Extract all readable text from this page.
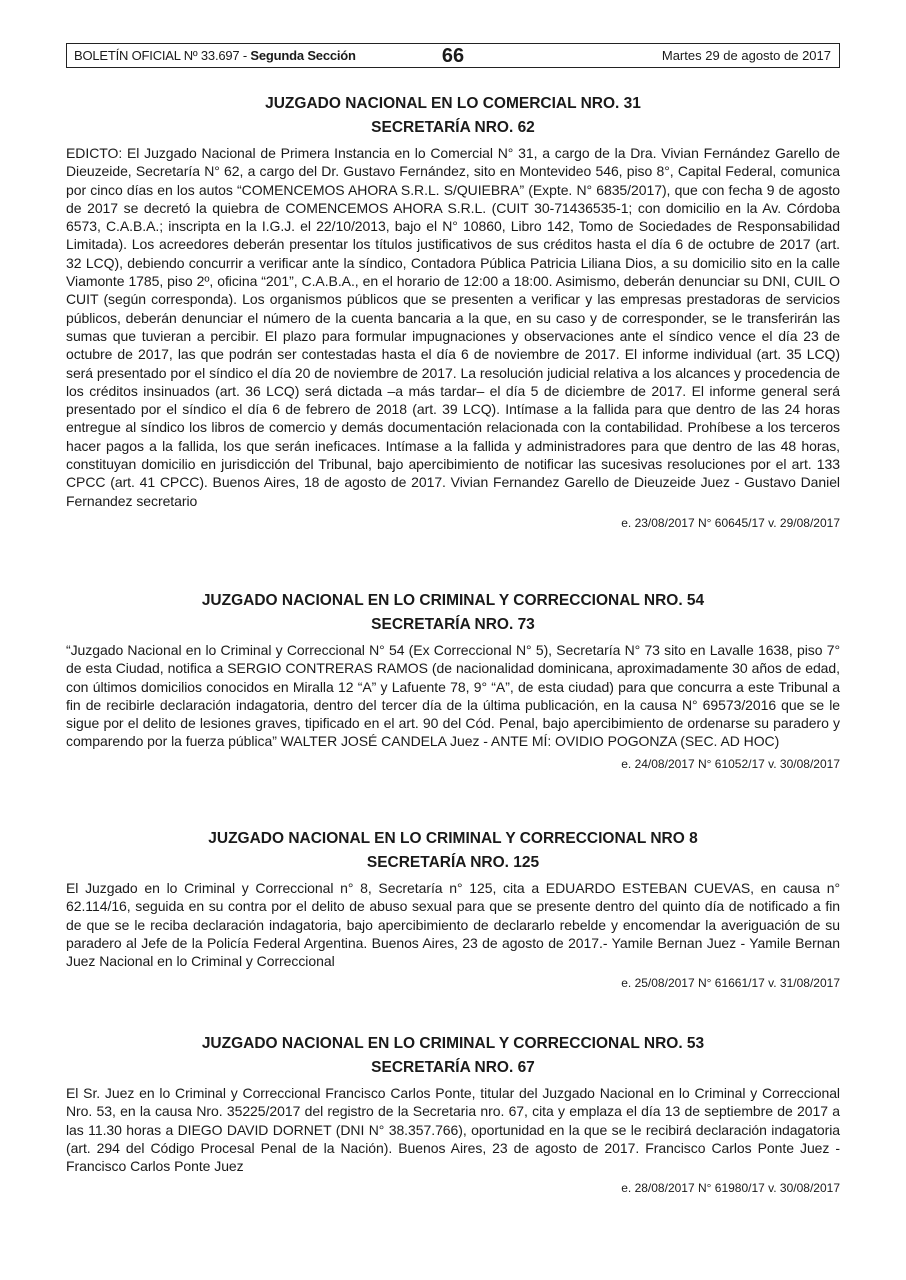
BOLETÍN OFICIAL Nº 33.697 - Segunda Sección	66	Martes 29 de agosto de 2017

JUZGADO NACIONAL EN LO COMERCIAL NRO. 31

SECRETARÍA NRO. 62

EDICTO: El Juzgado Nacional de Primera Instancia en lo Comercial N° 31, a cargo de la Dra. Vivian Fernández Garello de Dieuzeide, Secretaría N° 62, a cargo del Dr. Gustavo Fernández, sito en Montevideo 546, piso 8°, Capital Federal, comunica por cinco días en los autos “COMENCEMOS AHORA S.R.L. S/QUIEBRA” (Expte. N° 6835/2017), que con fecha 9 de agosto de 2017 se decretó la quiebra de COMENCEMOS AHORA S.R.L. (CUIT 30-71436535-1; con domicilio en la Av. Córdoba 6573, C.A.B.A.; inscripta en la I.G.J. el 22/10/2013, bajo el N° 10860, Libro 142, Tomo de Sociedades de Responsabilidad Limitada). Los acreedores deberán presentar los títulos justificativos de sus créditos hasta el día 6 de octubre de 2017 (art. 32 LCQ), debiendo concurrir a verificar ante la síndico, Contadora Pública Patricia Liliana Dios, a su domicilio sito en la calle Viamonte 1785, piso 2º, oficina “201”, C.A.B.A., en el horario de 12:00 a 18:00. Asimismo, deberán denunciar su DNI, CUIL O CUIT (según corresponda). Los organismos públicos que se presenten a verificar y las empresas prestadoras de servicios públicos, deberán denunciar el número de la cuenta bancaria a la que, en su caso y de corresponder, se le transferirán las sumas que tuvieran a percibir. El plazo para formular impugnaciones y observaciones ante el síndico vence el día 23 de octubre de 2017, las que podrán ser contestadas hasta el día 6 de noviembre de 2017. El informe individual (art. 35 LCQ) será presentado por el síndico el día 20 de noviembre de 2017. La resolución judicial relativa a los alcances y procedencia de los créditos insinuados (art. 36 LCQ) será dictada –a más tardar– el día 5 de diciembre de 2017. El informe general será presentado por el síndico el día 6 de febrero de 2018 (art. 39 LCQ). Intímase a la fallida para que dentro de las 24 horas entregue al síndico los libros de comercio y demás documentación relacionada con la contabilidad. Prohíbese a los terceros hacer pagos a la fallida, los que serán ineficaces. Intímase a la fallida y administradores para que dentro de las 48 horas, constituyan domicilio en jurisdicción del Tribunal, bajo apercibimiento de notificar las sucesivas resoluciones por el art. 133 CPCC (art. 41 CPCC). Buenos Aires, 18 de agosto de 2017. Vivian Fernandez Garello de Dieuzeide Juez - Gustavo Daniel Fernandez secretario

e. 23/08/2017 N° 60645/17 v. 29/08/2017

JUZGADO NACIONAL EN LO CRIMINAL Y CORRECCIONAL NRO. 54

SECRETARÍA NRO. 73

“Juzgado Nacional en lo Criminal y Correccional N° 54 (Ex Correccional N° 5), Secretaría N° 73 sito en Lavalle 1638, piso 7° de esta Ciudad, notifica a SERGIO CONTRERAS RAMOS (de nacionalidad dominicana, aproximadamente 30 años de edad, con últimos domicilios conocidos en Miralla 12 “A” y Lafuente 78, 9° “A”, de esta ciudad) para que concurra a este Tribunal a fin de recibirle declaración indagatoria, dentro del tercer día de la última publicación, en la causa N° 69573/2016 que se le sigue por el delito de lesiones graves, tipificado en el art. 90 del Cód. Penal, bajo apercibimiento de ordenarse su paradero y comparendo por la fuerza pública” WALTER JOSÉ CANDELA Juez - ANTE MÍ: OVIDIO POGONZA (SEC. AD HOC)

e. 24/08/2017 N° 61052/17 v. 30/08/2017

JUZGADO NACIONAL EN LO CRIMINAL Y CORRECCIONAL NRO 8

SECRETARÍA NRO. 125

El Juzgado en lo Criminal y Correccional n° 8, Secretaría n° 125, cita a EDUARDO ESTEBAN CUEVAS, en causa n° 62.114/16, seguida en su contra por el delito de abuso sexual para que se presente dentro del quinto día de notificado a fin de que se le reciba declaración indagatoria, bajo apercibimiento de declararlo rebelde y encomendar la averiguación de su paradero al Jefe de la Policía Federal Argentina. Buenos Aires, 23 de agosto de 2017.- Yamile Bernan Juez - Yamile Bernan Juez Nacional en lo Criminal y Correccional

e. 25/08/2017 N° 61661/17 v. 31/08/2017

JUZGADO NACIONAL EN LO CRIMINAL Y CORRECCIONAL NRO. 53

SECRETARÍA NRO. 67

El Sr. Juez en lo Criminal y Correccional Francisco Carlos Ponte, titular del Juzgado Nacional en lo Criminal y Correccional Nro. 53, en la causa Nro. 35225/2017 del registro de la Secretaria nro. 67, cita y emplaza el día 13 de septiembre de 2017 a las 11.30 horas a DIEGO DAVID DORNET (DNI N° 38.357.766), oportunidad en la que se le recibirá declaración indagatoria (art. 294 del Código Procesal Penal de la Nación). Buenos Aires, 23 de agosto de 2017. Francisco Carlos Ponte Juez - Francisco Carlos Ponte Juez

e. 28/08/2017 N° 61980/17 v. 30/08/2017
